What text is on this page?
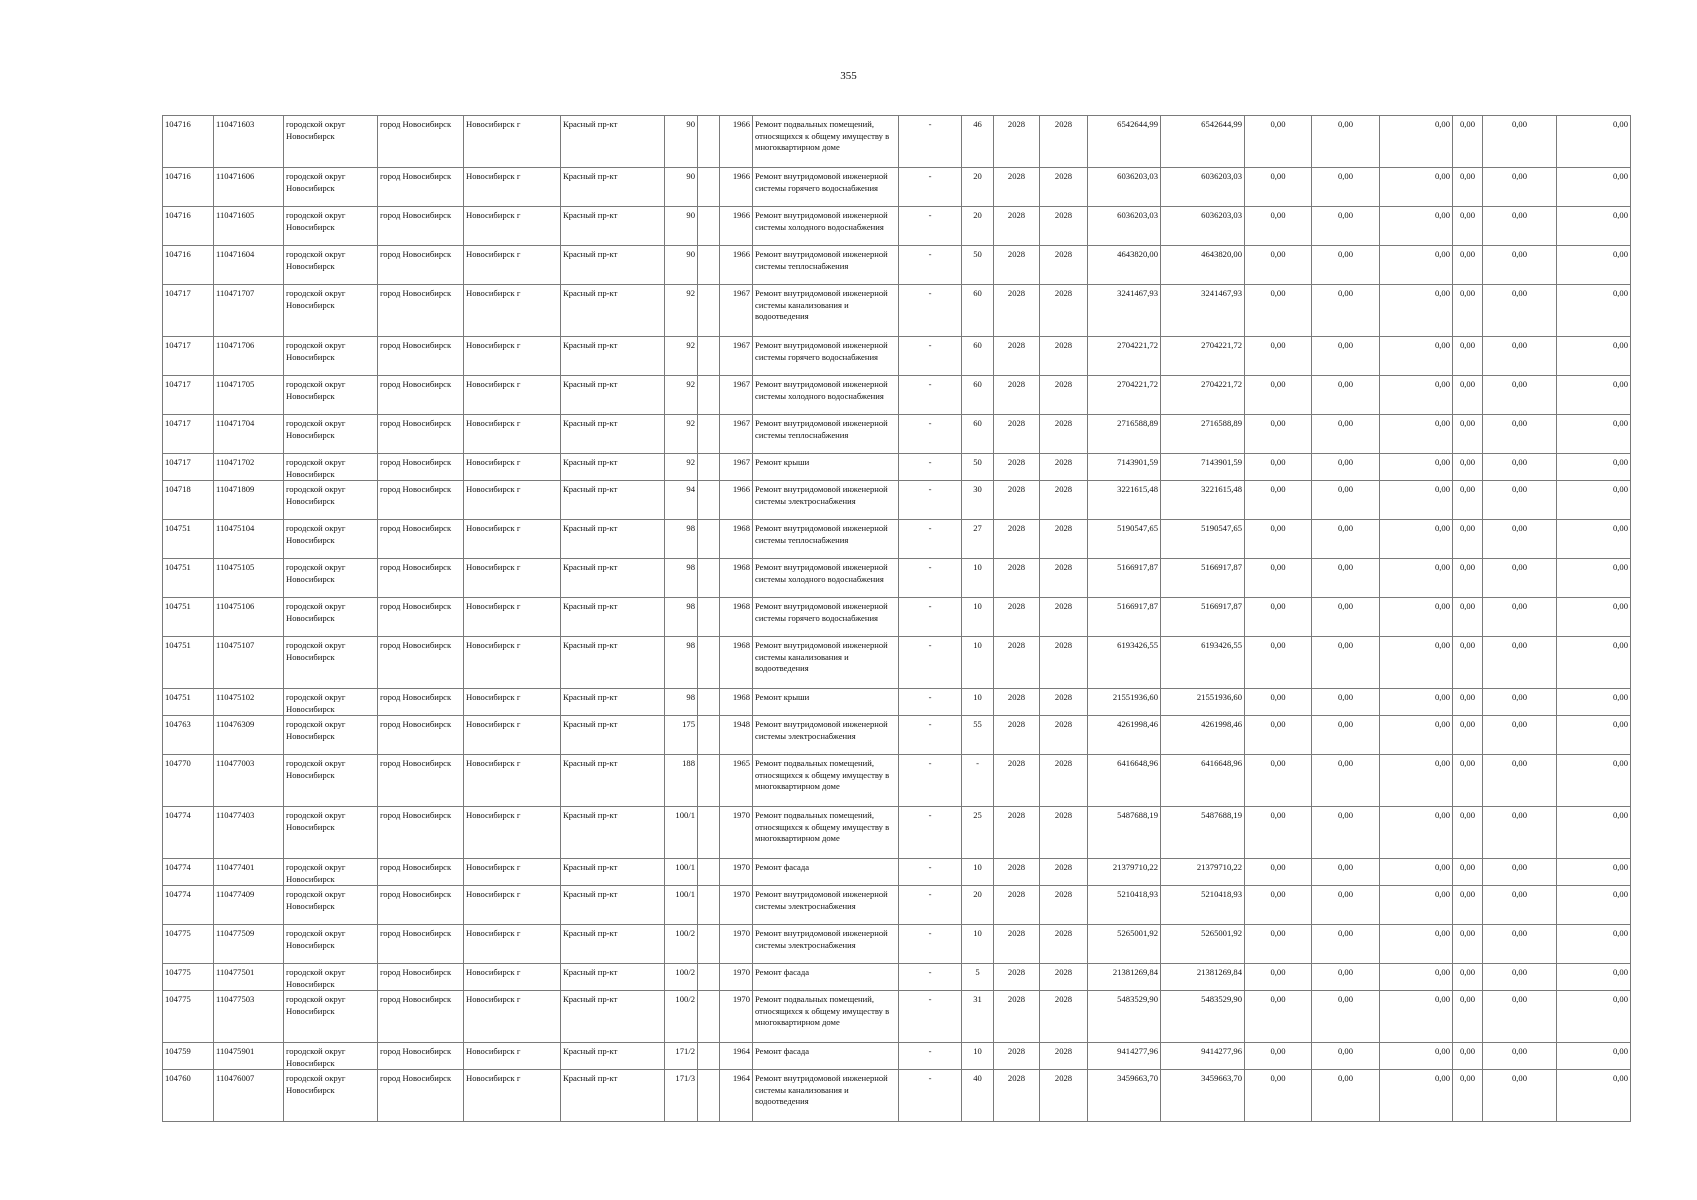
355
104716	110471603	городской округ Новосибирск	город Новосибирск	Новосибирск г	Красный пр-кт	90		1966	Ремонт подвальных помещений, относящихся к общему имуществу в многоквартирном доме	-	46	2028	2028	6542644,99	6542644,99	0,00	0,00	0,00	0,00	0,00	0,00
104716	110471606	городской округ Новосибирск	город Новосибирск	Новосибирск г	Красный пр-кт	90		1966	Ремонт внутридомовой инженерной системы горячего водоснабжения	-	20	2028	2028	6036203,03	6036203,03	0,00	0,00	0,00	0,00	0,00	0,00
104716	110471605	городской округ Новосибирск	город Новосибирск	Новосибирск г	Красный пр-кт	90		1966	Ремонт внутридомовой инженерной системы холодного водоснабжения	-	20	2028	2028	6036203,03	6036203,03	0,00	0,00	0,00	0,00	0,00	0,00
104716	110471604	городской округ Новосибирск	город Новосибирск	Новосибирск г	Красный пр-кт	90		1966	Ремонт внутридомовой инженерной системы теплоснабжения	-	50	2028	2028	4643820,00	4643820,00	0,00	0,00	0,00	0,00	0,00	0,00
104717	110471707	городской округ Новосибирск	город Новосибирск	Новосибирск г	Красный пр-кт	92		1967	Ремонт внутридомовой инженерной системы канализования и водоотведения	-	60	2028	2028	3241467,93	3241467,93	0,00	0,00	0,00	0,00	0,00	0,00
104717	110471706	городской округ Новосибирск	город Новосибирск	Новосибирск г	Красный пр-кт	92		1967	Ремонт внутридомовой инженерной системы горячего водоснабжения	-	60	2028	2028	2704221,72	2704221,72	0,00	0,00	0,00	0,00	0,00	0,00
104717	110471705	городской округ Новосибирск	город Новосибирск	Новосибирск г	Красный пр-кт	92		1967	Ремонт внутридомовой инженерной системы холодного водоснабжения	-	60	2028	2028	2704221,72	2704221,72	0,00	0,00	0,00	0,00	0,00	0,00
104717	110471704	городской округ Новосибирск	город Новосибирск	Новосибирск г	Красный пр-кт	92		1967	Ремонт внутридомовой инженерной системы теплоснабжения	-	60	2028	2028	2716588,89	2716588,89	0,00	0,00	0,00	0,00	0,00	0,00
104717	110471702	городской округ Новосибирск	город Новосибирск	Новосибирск г	Красный пр-кт	92		1967	Ремонт крыши	-	50	2028	2028	7143901,59	7143901,59	0,00	0,00	0,00	0,00	0,00	0,00
104718	110471809	городской округ Новосибирск	город Новосибирск	Новосибирск г	Красный пр-кт	94		1966	Ремонт внутридомовой инженерной системы электроснабжения	-	30	2028	2028	3221615,48	3221615,48	0,00	0,00	0,00	0,00	0,00	0,00
104751	110475104	городской округ Новосибирск	город Новосибирск	Новосибирск г	Красный пр-кт	98		1968	Ремонт внутридомовой инженерной системы теплоснабжения	-	27	2028	2028	5190547,65	5190547,65	0,00	0,00	0,00	0,00	0,00	0,00
104751	110475105	городской округ Новосибирск	город Новосибирск	Новосибирск г	Красный пр-кт	98		1968	Ремонт внутридомовой инженерной системы холодного водоснабжения	-	10	2028	2028	5166917,87	5166917,87	0,00	0,00	0,00	0,00	0,00	0,00
104751	110475106	городской округ Новосибирск	город Новосибирск	Новосибирск г	Красный пр-кт	98		1968	Ремонт внутридомовой инженерной системы горячего водоснабжения	-	10	2028	2028	5166917,87	5166917,87	0,00	0,00	0,00	0,00	0,00	0,00
104751	110475107	городской округ Новосибирск	город Новосибирск	Новосибирск г	Красный пр-кт	98		1968	Ремонт внутридомовой инженерной системы канализования и водоотведения	-	10	2028	2028	6193426,55	6193426,55	0,00	0,00	0,00	0,00	0,00	0,00
104751	110475102	городской округ Новосибирск	город Новосибирск	Новосибирск г	Красный пр-кт	98		1968	Ремонт крыши	-	10	2028	2028	21551936,60	21551936,60	0,00	0,00	0,00	0,00	0,00	0,00
104763	110476309	городской округ Новосибирск	город Новосибирск	Новосибирск г	Красный пр-кт	175		1948	Ремонт внутридомовой инженерной системы электроснабжения	-	55	2028	2028	4261998,46	4261998,46	0,00	0,00	0,00	0,00	0,00	0,00
104770	110477003	городской округ Новосибирск	город Новосибирск	Новосибирск г	Красный пр-кт	188		1965	Ремонт подвальных помещений, относящихся к общему имуществу в многоквартирном доме	-	-	2028	2028	6416648,96	6416648,96	0,00	0,00	0,00	0,00	0,00	0,00
104774	110477403	городской округ Новосибирск	город Новосибирск	Новосибирск г	Красный пр-кт	100/1		1970	Ремонт подвальных помещений, относящихся к общему имуществу в многоквартирном доме	-	25	2028	2028	5487688,19	5487688,19	0,00	0,00	0,00	0,00	0,00	0,00
104774	110477401	городской округ Новосибирск	город Новосибирск	Новосибирск г	Красный пр-кт	100/1		1970	Ремонт фасада	-	10	2028	2028	21379710,22	21379710,22	0,00	0,00	0,00	0,00	0,00	0,00
104774	110477409	городской округ Новосибирск	город Новосибирск	Новосибирск г	Красный пр-кт	100/1		1970	Ремонт внутридомовой инженерной системы электроснабжения	-	20	2028	2028	5210418,93	5210418,93	0,00	0,00	0,00	0,00	0,00	0,00
104775	110477509	городской округ Новосибирск	город Новосибирск	Новосибирск г	Красный пр-кт	100/2		1970	Ремонт внутридомовой инженерной системы электроснабжения	-	10	2028	2028	5265001,92	5265001,92	0,00	0,00	0,00	0,00	0,00	0,00
104775	110477501	городской округ Новосибирск	город Новосибирск	Новосибирск г	Красный пр-кт	100/2		1970	Ремонт фасада	-	5	2028	2028	21381269,84	21381269,84	0,00	0,00	0,00	0,00	0,00	0,00
104775	110477503	городской округ Новосибирск	город Новосибирск	Новосибирск г	Красный пр-кт	100/2		1970	Ремонт подвальных помещений, относящихся к общему имуществу в многоквартирном доме	-	31	2028	2028	5483529,90	5483529,90	0,00	0,00	0,00	0,00	0,00	0,00
104759	110475901	городской округ Новосибирск	город Новосибирск	Новосибирск г	Красный пр-кт	171/2		1964	Ремонт фасада	-	10	2028	2028	9414277,96	9414277,96	0,00	0,00	0,00	0,00	0,00	0,00
104760	110476007	городской округ Новосибирск	город Новосибирск	Новосибирск г	Красный пр-кт	171/3		1964	Ремонт внутридомовой инженерной системы канализования и водоотведения	-	40	2028	2028	3459663,70	3459663,70	0,00	0,00	0,00	0,00	0,00	0,00
